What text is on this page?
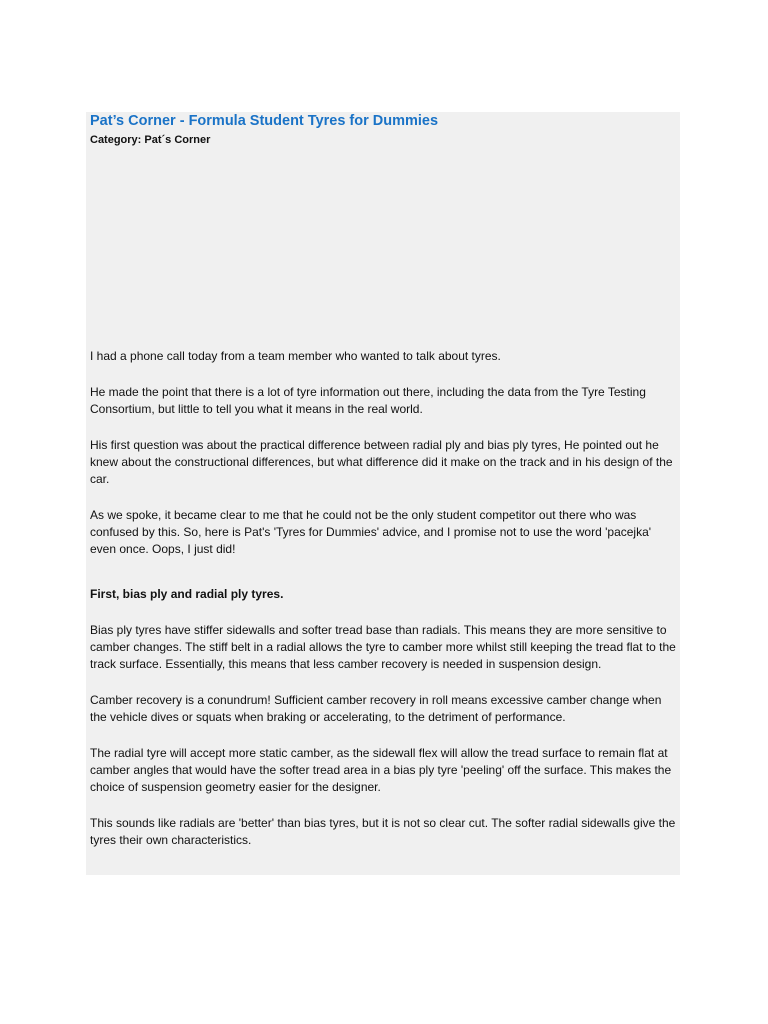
Pat’s Corner - Formula Student Tyres for Dummies
Category: Pat´s Corner

I had a phone call today from a team member who wanted to talk about tyres.

He made the point that there is a lot of tyre information out there, including the data from the Tyre Testing Consortium, but little to tell you what it means in the real world.

His first question was about the practical difference between radial ply and bias ply tyres, He pointed out he knew about the constructional differences, but what difference did it make on the track and in his design of the car.

As we spoke, it became clear to me that he could not be the only student competitor out there who was confused by this. So, here is Pat's 'Tyres for Dummies' advice, and I promise not to use the word 'pacejka' even once. Oops, I just did!

First, bias ply and radial ply tyres.

Bias ply tyres have stiffer sidewalls and softer tread base than radials. This means they are more sensitive to camber changes. The stiff belt in a radial allows the tyre to camber more whilst still keeping the tread flat to the track surface. Essentially, this means that less camber recovery is needed in suspension design.

Camber recovery is a conundrum! Sufficient camber recovery in roll means excessive camber change when the vehicle dives or squats when braking or accelerating, to the detriment of performance.

The radial tyre will accept more static camber, as the sidewall flex will allow the tread surface to remain flat at camber angles that would have the softer tread area in a bias ply tyre 'peeling' off the surface. This makes the choice of suspension geometry easier for the designer.

This sounds like radials are 'better' than bias tyres, but it is not so clear cut. The softer radial sidewalls give the tyres their own characteristics.
